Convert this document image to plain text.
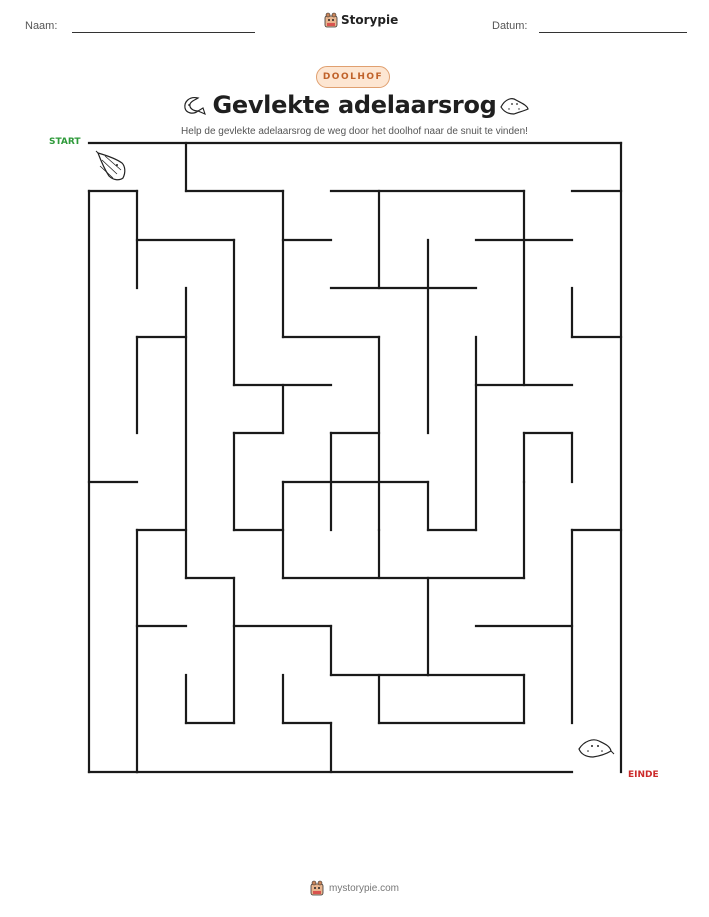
Naam:	Storypie	Datum:
DOOLHOF
Gevlekte adelaarsrog
Help de gevlekte adelaarsrog de weg door het doolhof naar de snuit te vinden!
START
EINDE
mystorypie.com
